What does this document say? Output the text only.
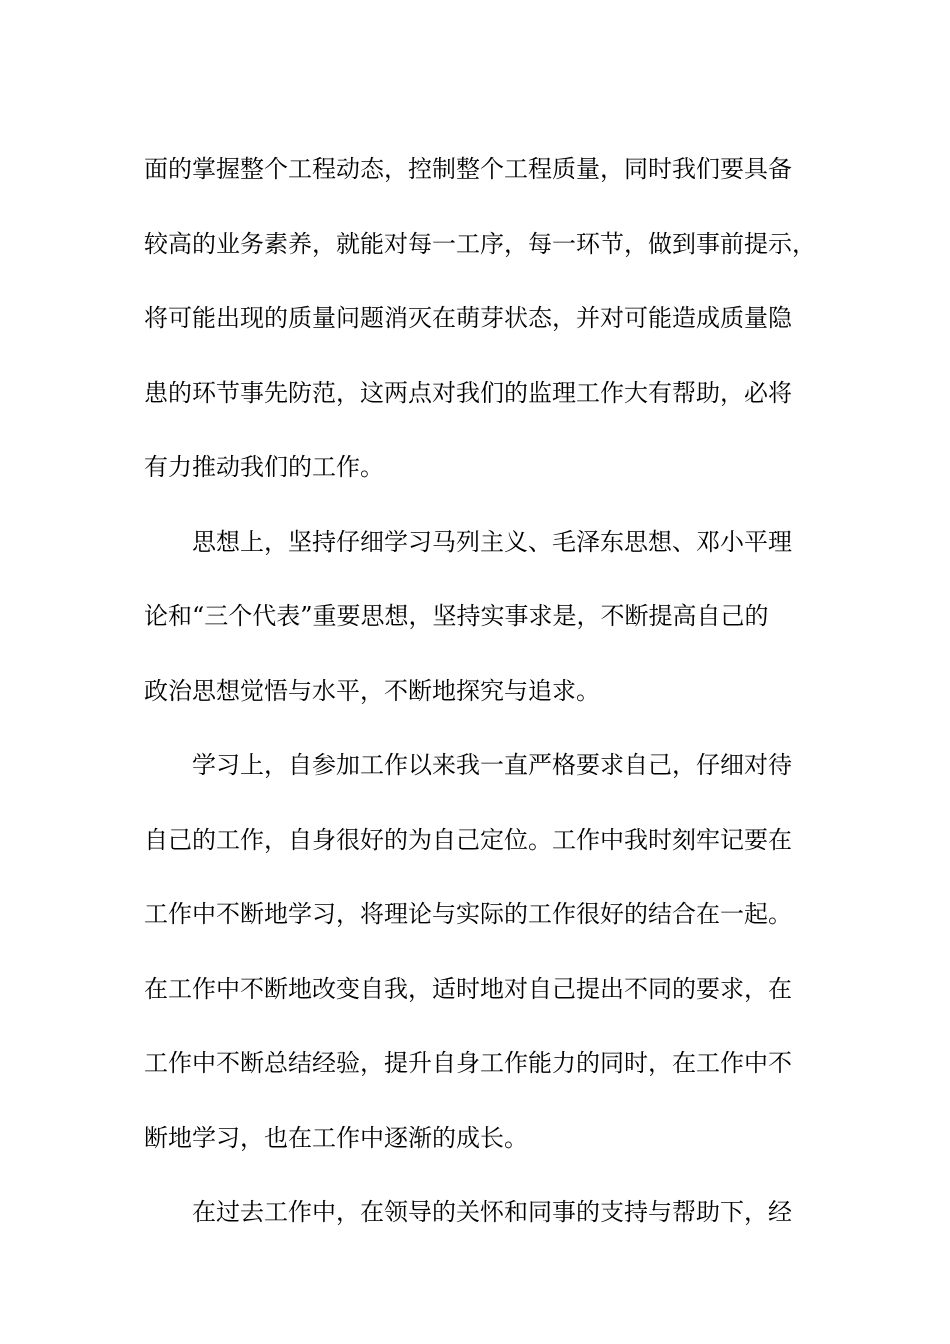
面的掌握整个工程动态，控制整个工程质量，同时我们要具备
较高的业务素养，就能对每一工序，每一环节，做到事前提示，
将可能出现的质量问题消灭在萌芽状态，并对可能造成质量隐
患的环节事先防范，这两点对我们的监理工作大有帮助，必将
有力推动我们的工作。
思想上，坚持仔细学习马列主义、毛泽东思想、邓小平理
论和“三个代表”重要思想，坚持实事求是，不断提高自己的
政治思想觉悟与水平，不断地探究与追求。
学习上，自参加工作以来我一直严格要求自己，仔细对待
自己的工作，自身很好的为自己定位。工作中我时刻牢记要在
工作中不断地学习，将理论与实际的工作很好的结合在一起。
在工作中不断地改变自我，适时地对自己提出不同的要求，在
工作中不断总结经验，提升自身工作能力的同时，在工作中不
断地学习，也在工作中逐渐的成长。
在过去工作中，在领导的关怀和同事的支持与帮助下，经
